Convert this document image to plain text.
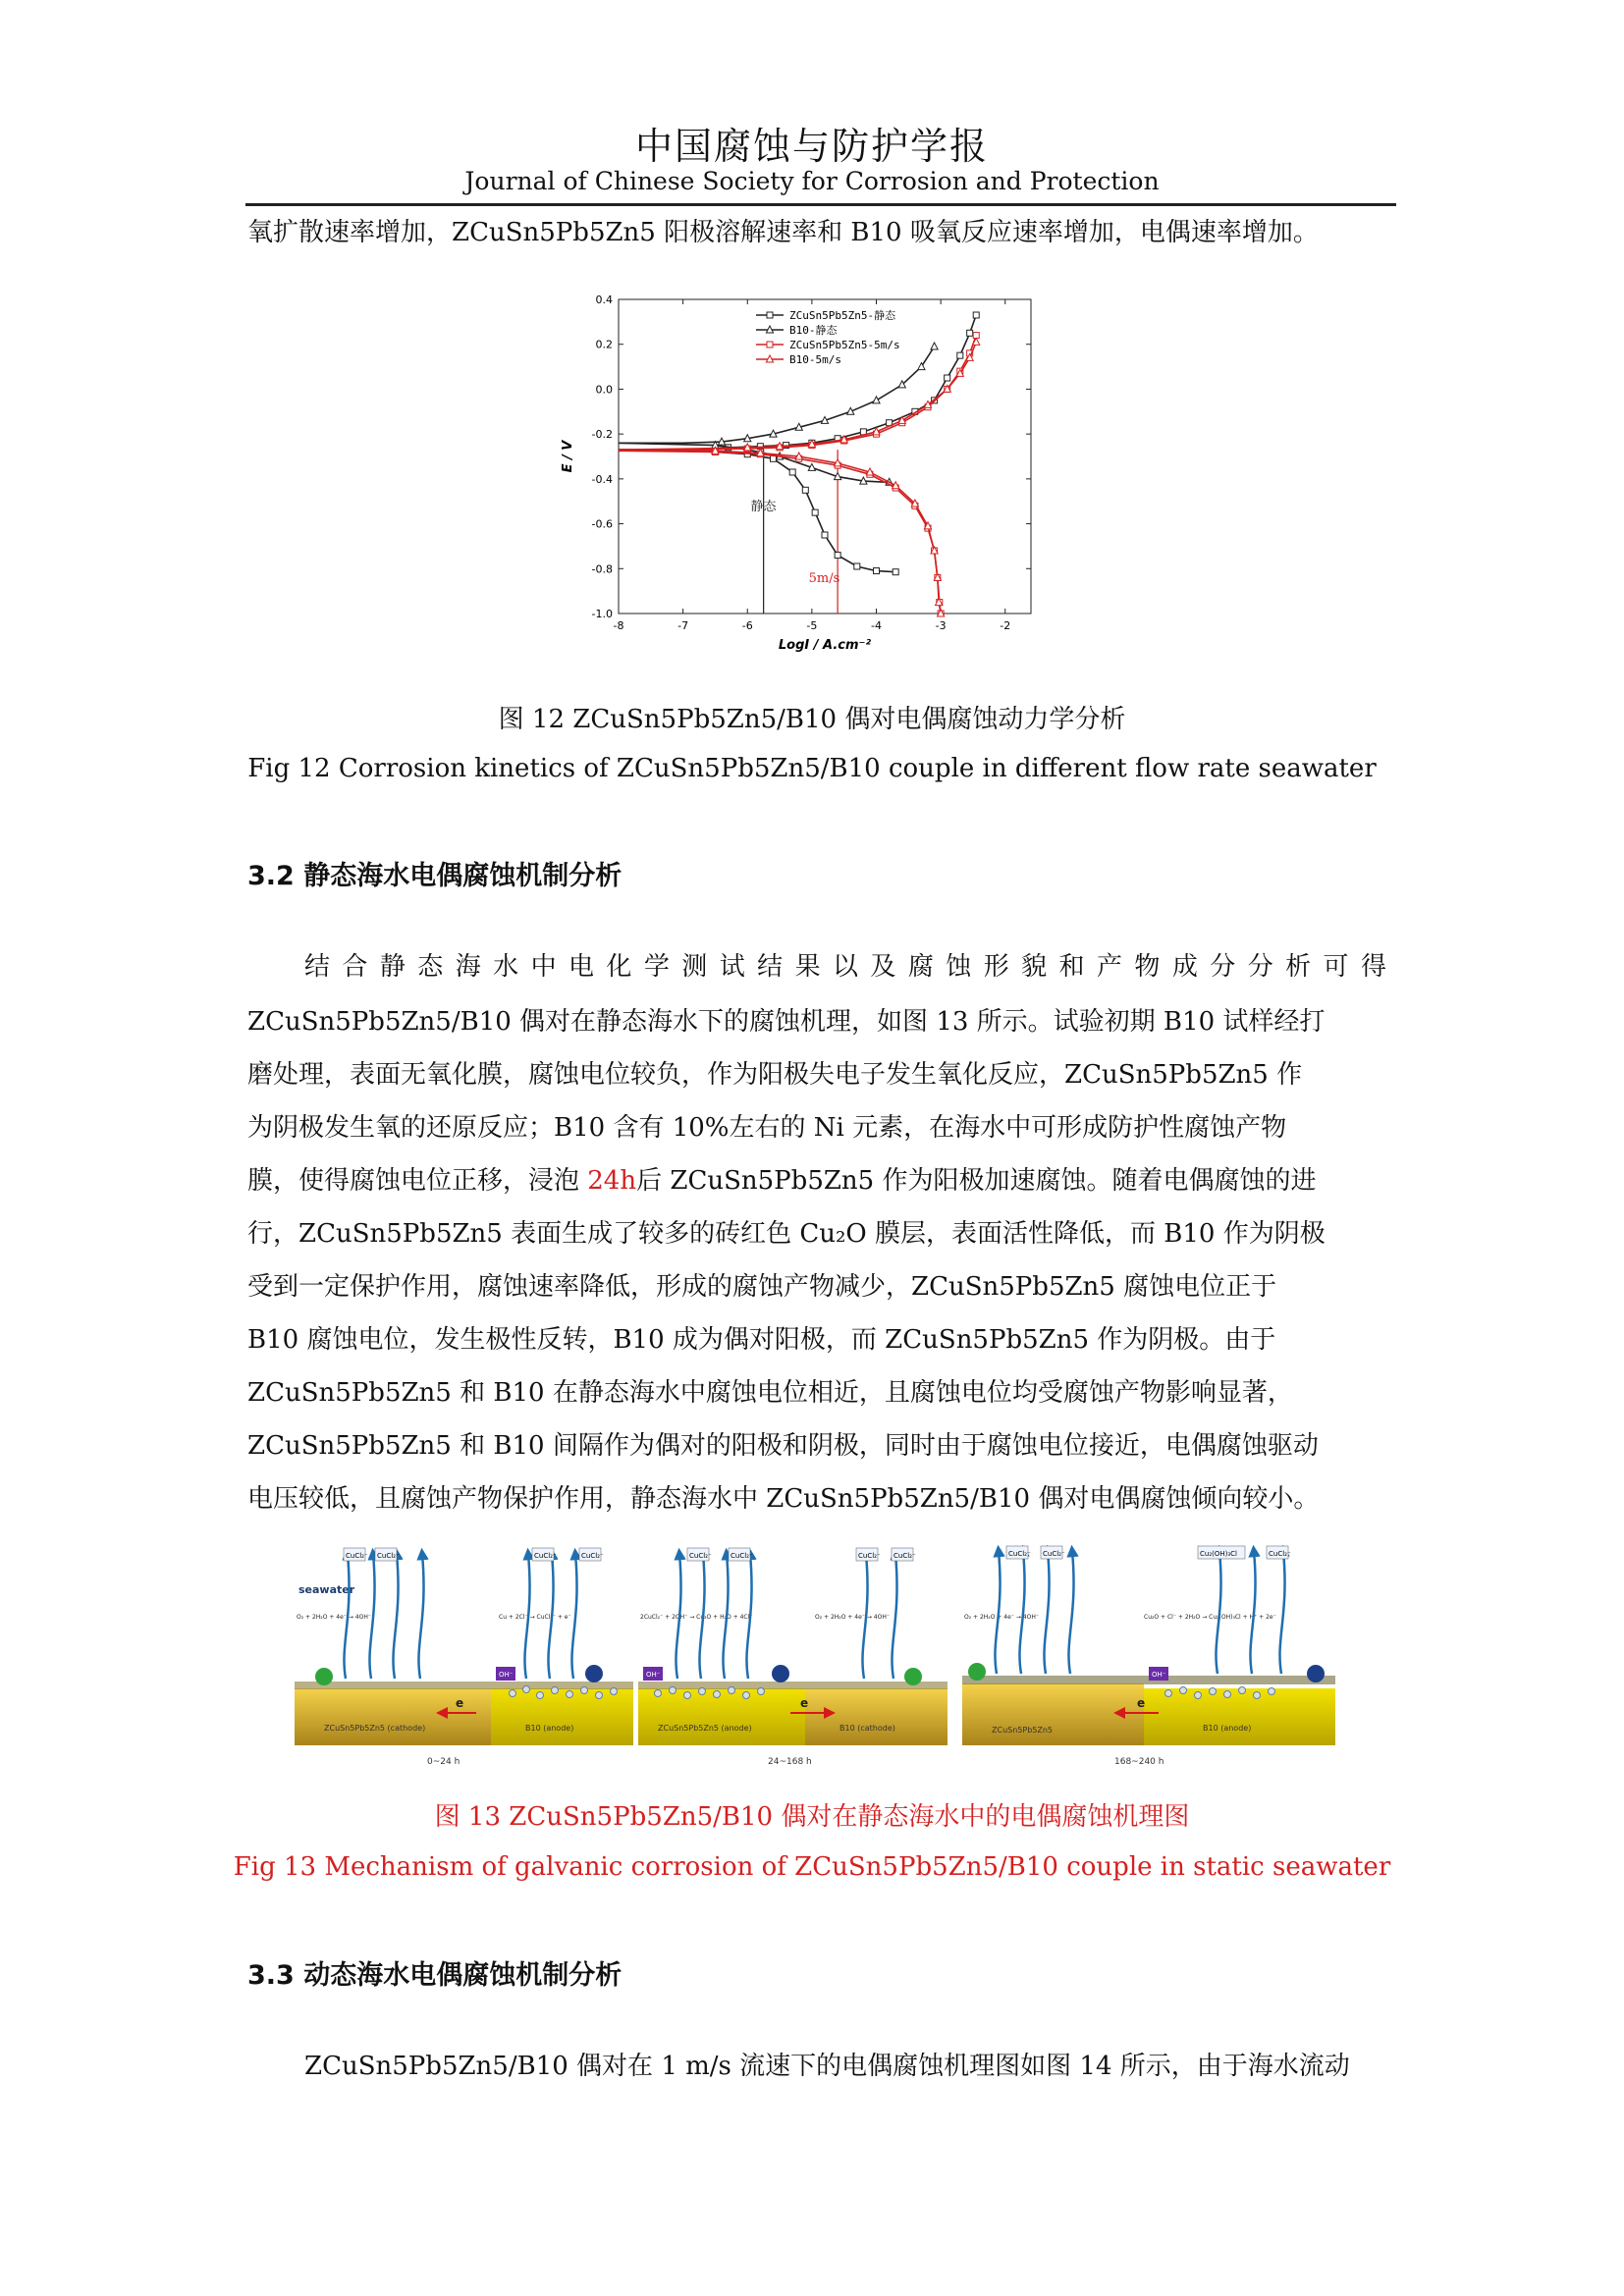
中国腐蚀与防护学报
Journal of Chinese Society for Corrosion and Protection
氧扩散速率增加，ZCuSn5Pb5Zn5 阳极溶解速率和 B10 吸氧反应速率增加，电偶速率增加。
-8	-7	-6	-5	-4	-3	-2
0.4
0.2
0.0
-0.2
-0.4
-0.6
-0.8
-1.0
LogI / A.cm⁻²
E / V
ZCuSn5Pb5Zn5-静态
B10-静态
ZCuSn5Pb5Zn5-5m/s
B10-5m/s
静态
5m/s
图 12 ZCuSn5Pb5Zn5/B10 偶对电偶腐蚀动力学分析
Fig 12 Corrosion kinetics of ZCuSn5Pb5Zn5/B10 couple in different flow rate seawater
3.2 静态海水电偶腐蚀机制分析
结合静态海水中电化学测试结果以及腐蚀形貌和产物成分分析可得
ZCuSn5Pb5Zn5/B10 偶对在静态海水下的腐蚀机理，如图 13 所示。试验初期 B10 试样经打
磨处理，表面无氧化膜，腐蚀电位较负，作为阳极失电子发生氧化反应，ZCuSn5Pb5Zn5 作
为阴极发生氧的还原反应；B10 含有 10%左右的 Ni 元素，在海水中可形成防护性腐蚀产物
膜，使得腐蚀电位正移，浸泡 24h后 ZCuSn5Pb5Zn5 作为阳极加速腐蚀。随着电偶腐蚀的进
行，ZCuSn5Pb5Zn5 表面生成了较多的砖红色 Cu₂O 膜层，表面活性降低，而 B10 作为阴极
受到一定保护作用，腐蚀速率降低，形成的腐蚀产物减少，ZCuSn5Pb5Zn5 腐蚀电位正于
B10 腐蚀电位，发生极性反转，B10 成为偶对阳极，而 ZCuSn5Pb5Zn5 作为阴极。由于
ZCuSn5Pb5Zn5 和 B10 在静态海水中腐蚀电位相近，且腐蚀电位均受腐蚀产物影响显著，
ZCuSn5Pb5Zn5 和 B10 间隔作为偶对的阳极和阴极，同时由于腐蚀电位接近，电偶腐蚀驱动
电压较低，且腐蚀产物保护作用，静态海水中 ZCuSn5Pb5Zn5/B10 偶对电偶腐蚀倾向较小。
seawater
ZCuSn5Pb5Zn5 (cathode)	B10 (anode)
e
0~24 h
O₂ + 2H₂O + 4e⁻ → 4OH⁻	Cu + 2Cl⁻ → CuCl₂⁻ + e⁻
OH⁻
CuCl₂⁻ CuCl₂⁻	CuCl₂⁻	CuCl₂⁻
ZCuSn5Pb5Zn5 (anode)	B10 (cathode)
e
24~168 h
2CuCl₂⁻ + 2OH⁻ → Cu₂O + H₂O + 4Cl⁻	O₂ + 2H₂O + 4e⁻ → 4OH⁻
OH⁻
CuCl₂⁻	CuCl₂⁻	CuCl₂⁻ CuCl₂⁻
ZCuSn5Pb5Zn5	B10 (anode)
e
168~240 h
O₂ + 2H₂O + 4e⁻ → 4OH⁻	Cu₂O + Cl⁻ + 2H₂O → Cu₂(OH)₃Cl + H⁺ + 2e⁻
OH⁻
CuCl₂⁻ CuCl₂⁻	Cu₂(OH)₃Cl	CuCl₂⁻
图 13 ZCuSn5Pb5Zn5/B10 偶对在静态海水中的电偶腐蚀机理图
Fig 13 Mechanism of galvanic corrosion of ZCuSn5Pb5Zn5/B10 couple in static seawater
3.3 动态海水电偶腐蚀机制分析
ZCuSn5Pb5Zn5/B10 偶对在 1 m/s 流速下的电偶腐蚀机理图如图 14 所示，由于海水流动
